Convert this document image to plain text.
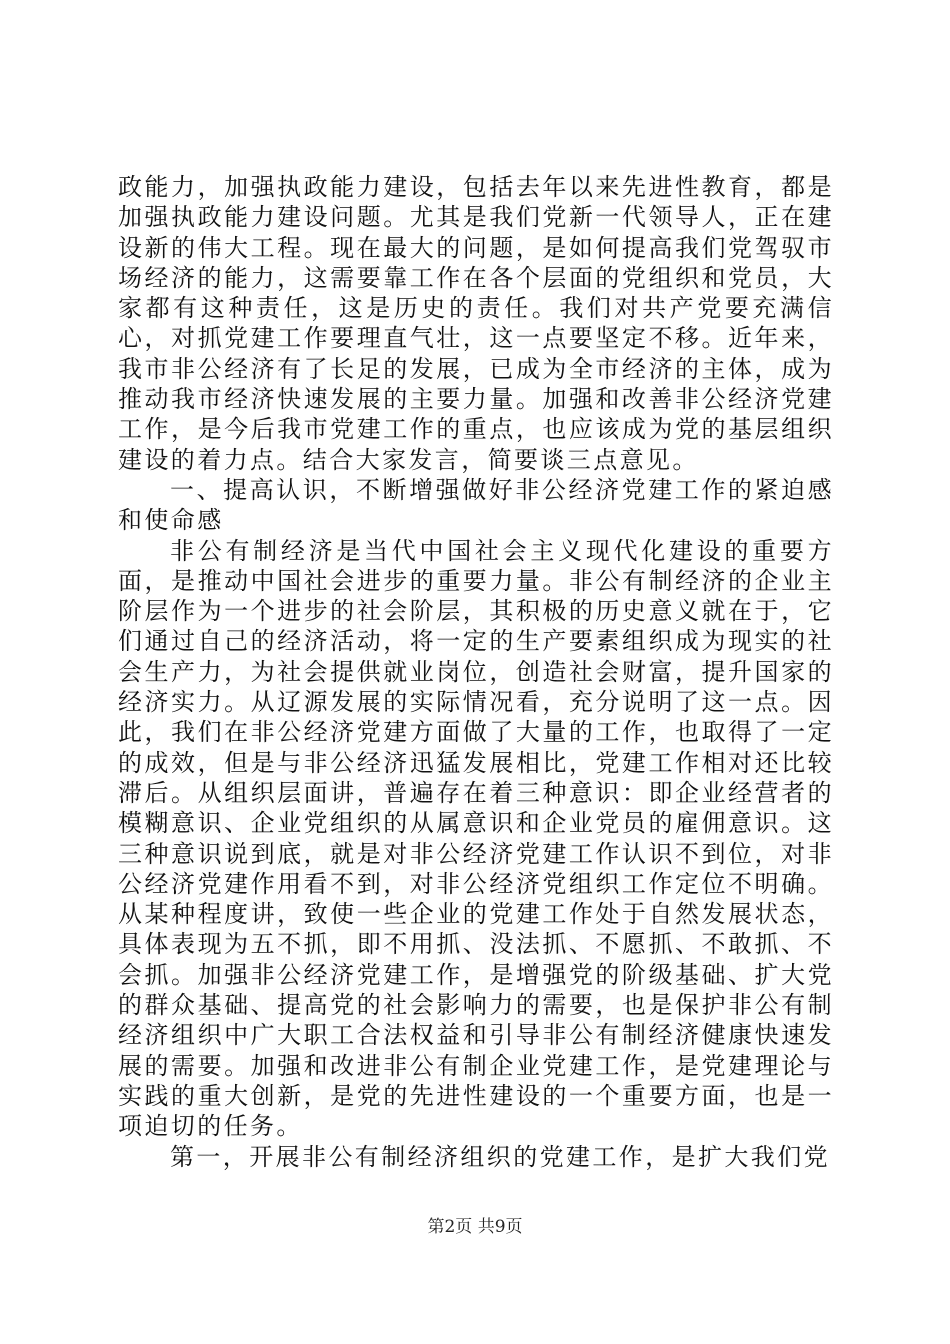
政能力，加强执政能力建设，包括去年以来先进性教育，都是加强执政能力建设问题。尤其是我们党新一代领导人，正在建设新的伟大工程。现在最大的问题，是如何提高我们党驾驭市场经济的能力，这需要靠工作在各个层面的党组织和党员，大家都有这种责任，这是历史的责任。我们对共产党要充满信心，对抓党建工作要理直气壮，这一点要坚定不移。近年来，我市非公经济有了长足的发展，已成为全市经济的主体，成为推动我市经济快速发展的主要力量。加强和改善非公经济党建工作，是今后我市党建工作的重点，也应该成为党的基层组织建设的着力点。结合大家发言，简要谈三点意见。

一、提高认识，不断增强做好非公经济党建工作的紧迫感和使命感

非公有制经济是当代中国社会主义现代化建设的重要方面，是推动中国社会进步的重要力量。非公有制经济的企业主阶层作为一个进步的社会阶层，其积极的历史意义就在于，它们通过自己的经济活动，将一定的生产要素组织成为现实的社会生产力，为社会提供就业岗位，创造社会财富，提升国家的经济实力。从辽源发展的实际情况看，充分说明了这一点。因此，我们在非公经济党建方面做了大量的工作，也取得了一定的成效，但是与非公经济迅猛发展相比，党建工作相对还比较滞后。从组织层面讲，普遍存在着三种意识：即企业经营者的模糊意识、企业党组织的从属意识和企业党员的雇佣意识。这三种意识说到底，就是对非公经济党建工作认识不到位，对非公经济党建作用看不到，对非公经济党组织工作定位不明确。从某种程度讲，致使一些企业的党建工作处于自然发展状态，具体表现为五不抓，即不用抓、没法抓、不愿抓、不敢抓、不会抓。加强非公经济党建工作，是增强党的阶级基础、扩大党的群众基础、提高党的社会影响力的需要，也是保护非公有制经济组织中广大职工合法权益和引导非公有制经济健康快速发展的需要。加强和改进非公有制企业党建工作，是党建理论与实践的重大创新，是党的先进性建设的一个重要方面，也是一项迫切的任务。

第一，开展非公有制经济组织的党建工作，是扩大我们党

第2页 共9页
